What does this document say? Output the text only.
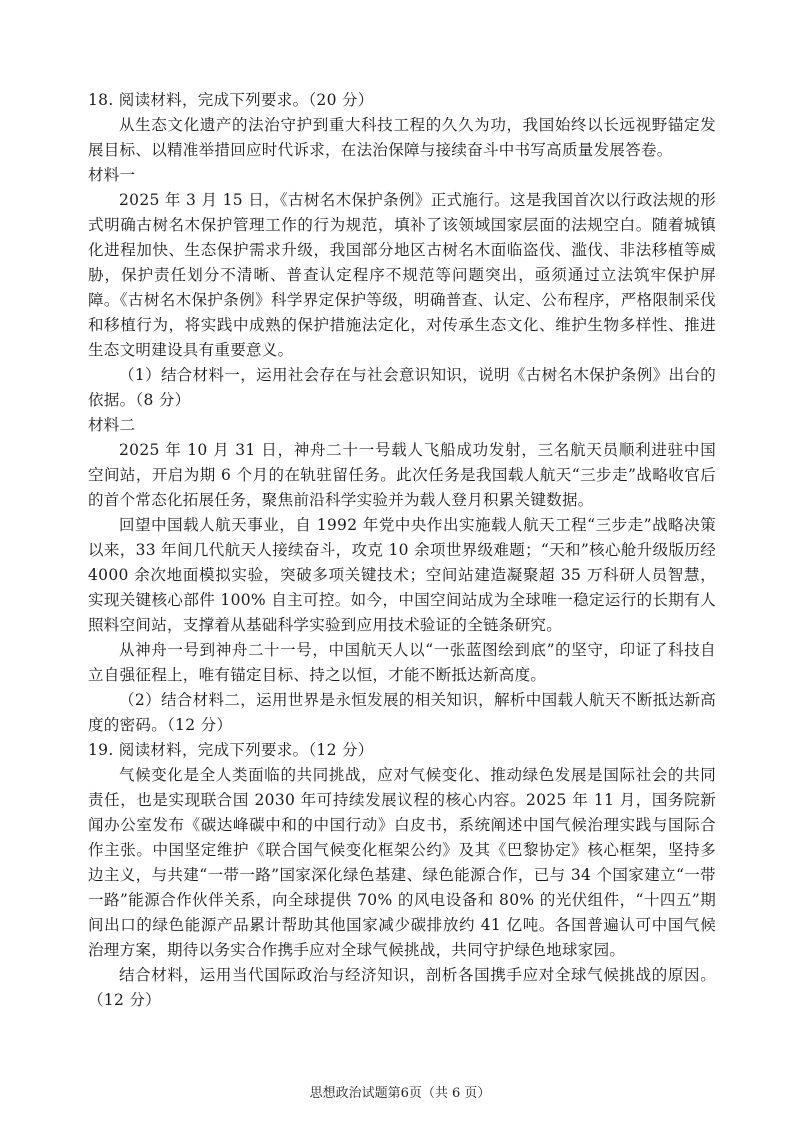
18. 阅读材料，完成下列要求。（20 分）

从生态文化遗产的法治守护到重大科技工程的久久为功，我国始终以长远视野锚定发展目标、以精准举措回应时代诉求，在法治保障与接续奋斗中书写高质量发展答卷。

材料一

2025 年 3 月 15 日，《古树名木保护条例》正式施行。这是我国首次以行政法规的形式明确古树名木保护管理工作的行为规范，填补了该领域国家层面的法规空白。随着城镇化进程加快、生态保护需求升级，我国部分地区古树名木面临盗伐、滥伐、非法移植等威胁，保护责任划分不清晰、普查认定程序不规范等问题突出，亟须通过立法筑牢保护屏障。《古树名木保护条例》科学界定保护等级，明确普查、认定、公布程序，严格限制采伐和移植行为，将实践中成熟的保护措施法定化，对传承生态文化、维护生物多样性、推进生态文明建设具有重要意义。

（1）结合材料一，运用社会存在与社会意识知识，说明《古树名木保护条例》出台的依据。（8 分）

材料二

2025 年 10 月 31 日，神舟二十一号载人飞船成功发射，三名航天员顺利进驻中国空间站，开启为期 6 个月的在轨驻留任务。此次任务是我国载人航天“三步走”战略收官后的首个常态化拓展任务，聚焦前沿科学实验并为载人登月积累关键数据。

回望中国载人航天事业，自 1992 年党中央作出实施载人航天工程“三步走”战略决策以来，33 年间几代航天人接续奋斗，攻克 10 余项世界级难题；“天和”核心舱升级版历经 4000 余次地面模拟实验，突破多项关键技术；空间站建造凝聚超 35 万科研人员智慧，实现关键核心部件 100% 自主可控。如今，中国空间站成为全球唯一稳定运行的长期有人照料空间站，支撑着从基础科学实验到应用技术验证的全链条研究。

从神舟一号到神舟二十一号，中国航天人以“一张蓝图绘到底”的坚守，印证了科技自立自强征程上，唯有锚定目标、持之以恒，才能不断抵达新高度。

（2）结合材料二，运用世界是永恒发展的相关知识，解析中国载人航天不断抵达新高度的密码。（12 分）

19. 阅读材料，完成下列要求。（12 分）

气候变化是全人类面临的共同挑战，应对气候变化、推动绿色发展是国际社会的共同责任，也是实现联合国 2030 年可持续发展议程的核心内容。2025 年 11 月，国务院新闻办公室发布《碳达峰碳中和的中国行动》白皮书，系统阐述中国气候治理实践与国际合作主张。中国坚定维护《联合国气候变化框架公约》及其《巴黎协定》核心框架，坚持多边主义，与共建“一带一路”国家深化绿色基建、绿色能源合作，已与 34 个国家建立“一带一路”能源合作伙伴关系，向全球提供 70% 的风电设备和 80% 的光伏组件，“十四五”期间出口的绿色能源产品累计帮助其他国家减少碳排放约 41 亿吨。各国普遍认可中国气候治理方案，期待以务实合作携手应对全球气候挑战，共同守护绿色地球家园。

结合材料，运用当代国际政治与经济知识，剖析各国携手应对全球气候挑战的原因。（12 分）

思想政治试题第6页（共 6 页）
